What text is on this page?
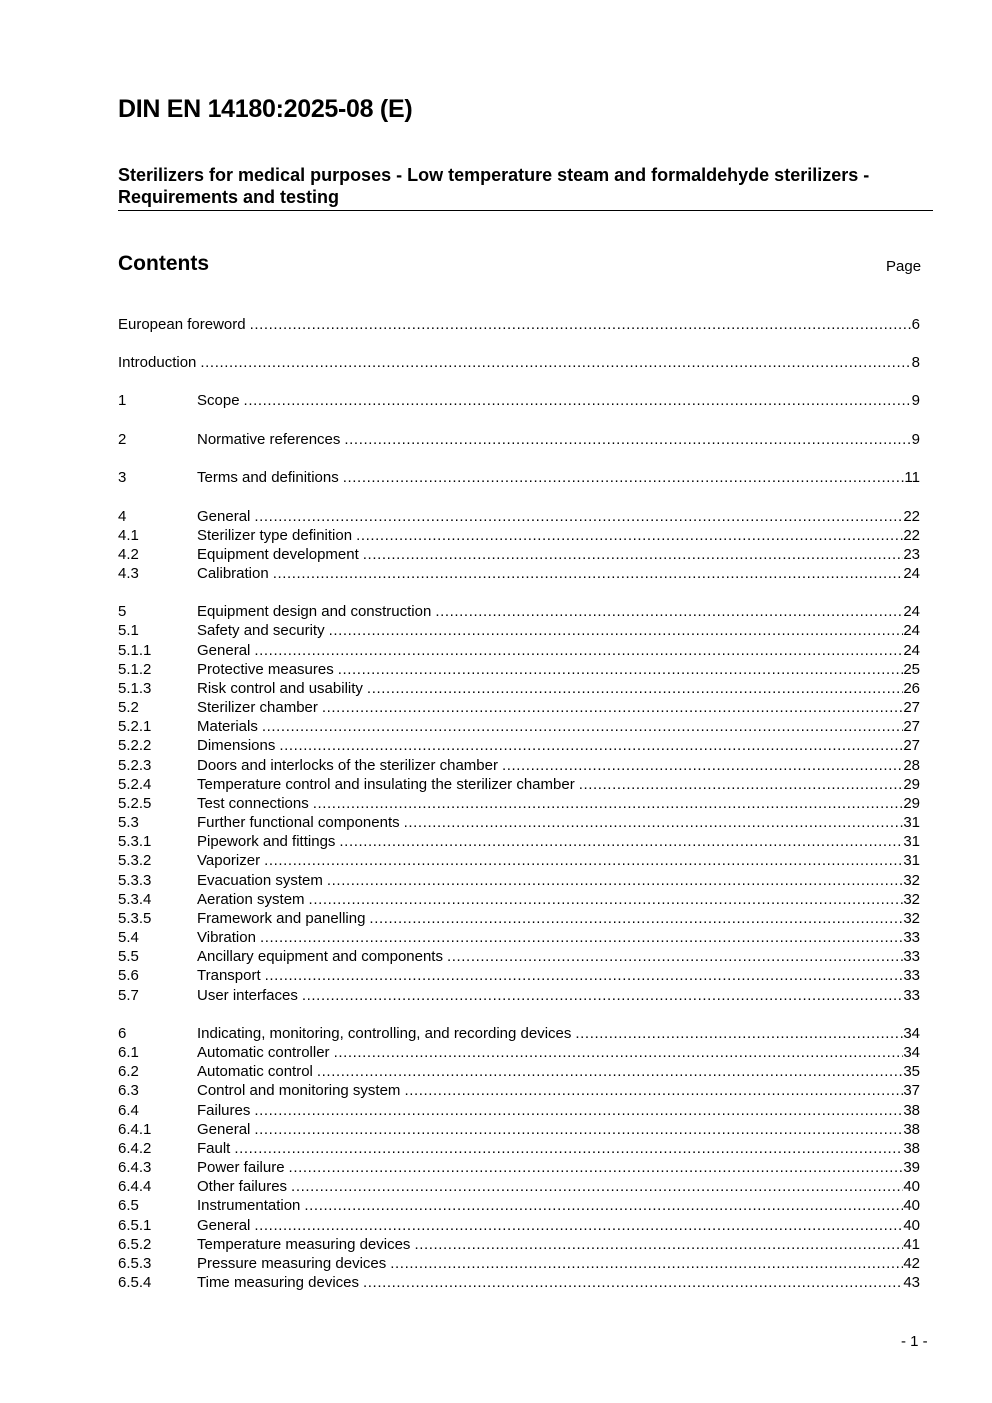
DIN EN 14180:2025-08 (E)
Sterilizers for medical purposes - Low temperature steam and formaldehyde sterilizers - Requirements and testing
Contents	Page
European foreword .....	6
Introduction .....	8
1	Scope .....	9
2	Normative references .....	9
3	Terms and definitions .....	11
4	General .....	22
4.1	Sterilizer type definition .....	22
4.2	Equipment development .....	23
4.3	Calibration .....	24
5	Equipment design and construction .....	24
5.1	Safety and security .....	24
5.1.1	General .....	24
5.1.2	Protective measures .....	25
5.1.3	Risk control and usability .....	26
5.2	Sterilizer chamber .....	27
5.2.1	Materials .....	27
5.2.2	Dimensions .....	27
5.2.3	Doors and interlocks of the sterilizer chamber .....	28
5.2.4	Temperature control and insulating the sterilizer chamber .....	29
5.2.5	Test connections .....	29
5.3	Further functional components .....	31
5.3.1	Pipework and fittings .....	31
5.3.2	Vaporizer .....	31
5.3.3	Evacuation system .....	32
5.3.4	Aeration system .....	32
5.3.5	Framework and panelling .....	32
5.4	Vibration .....	33
5.5	Ancillary equipment and components .....	33
5.6	Transport .....	33
5.7	User interfaces .....	33
6	Indicating, monitoring, controlling, and recording devices .....	34
6.1	Automatic controller .....	34
6.2	Automatic control .....	35
6.3	Control and monitoring system .....	37
6.4	Failures .....	38
6.4.1	General .....	38
6.4.2	Fault .....	38
6.4.3	Power failure .....	39
6.4.4	Other failures .....	40
6.5	Instrumentation .....	40
6.5.1	General .....	40
6.5.2	Temperature measuring devices .....	41
6.5.3	Pressure measuring devices .....	42
6.5.4	Time measuring devices .....	43
- 1 -
